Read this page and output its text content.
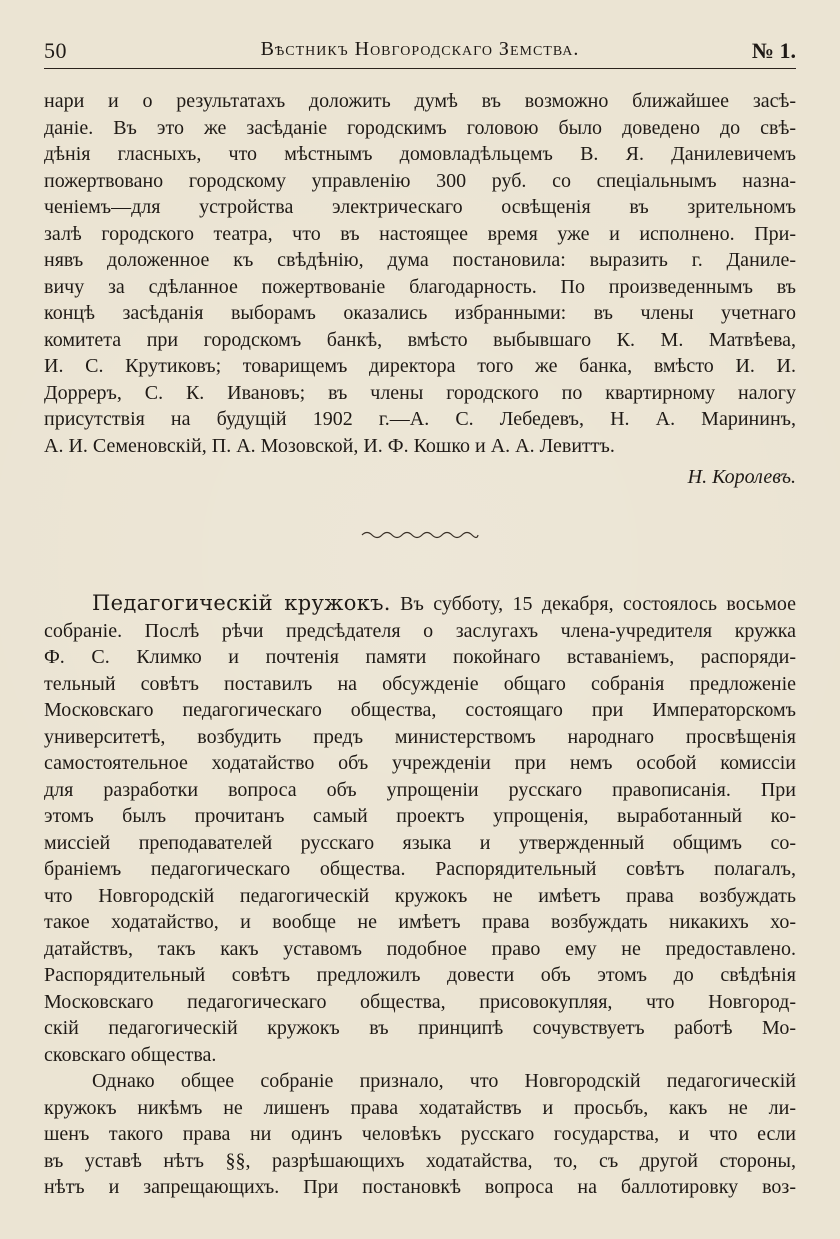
50	Вѣстникъ Новгородскаго Земства.	№ 1.
нари и о результатахъ доложить думѣ въ возможно ближайшее засѣ-
даніе. Въ это же засѣданіе городскимъ головою было доведено до свѣ-
дѣнія гласныхъ, что мѣстнымъ домовладѣльцемъ В. Я. Данилевичемъ
пожертвовано городскому управленію 300 руб. со спеціальнымъ назна-
ченіемъ—для устройства электрическаго освѣщенія въ зрительномъ
залѣ городского театра, что въ настоящее время уже и исполнено. При-
нявъ доложенное къ свѣдѣнію, дума постановила: выразить г. Даниле-
вичу за сдѣланное пожертвованіе благодарность. По произведеннымъ въ
концѣ засѣданія выборамъ оказались избранными: въ члены учетнаго
комитета при городскомъ банкѣ, вмѣсто выбывшаго К. М. Матвѣева,
И. С. Крутиковъ; товарищемъ директора того же банка, вмѣсто И. И.
Доррeръ, С. К. Ивановъ; въ члены городского по квартирному налогу
присутствія на будущій 1902 г.—А. С. Лебедевъ, Н. А. Марининъ,
А. И. Семеновскій, П. А. Мозовской, И. Ф. Кошко и А. А. Левиттъ.
Н. Королевъ.
Педагогическій кружокъ. Въ субботу, 15 декабря, состоялось восьмое
собраніе. Послѣ рѣчи предсѣдателя о заслугахъ члена-учредителя кружка
Ф. С. Климко и почтенія памяти покойнаго вставаніемъ, распоряди-
тельный совѣтъ поставилъ на обсужденіе общаго собранія предложеніе
Московскаго педагогическаго общества, состоящаго при Императорскомъ
университетѣ, возбудить предъ министерствомъ народнаго просвѣщенія
самостоятельное ходатайство объ учрежденіи при немъ особой комиссіи
для разработки вопроса объ упрощеніи русскаго правописанія. При
этомъ былъ прочитанъ самый проектъ упрощенія, выработанный ко-
миссіей преподавателей русскаго языка и утвержденный общимъ со-
браніемъ педагогическаго общества. Распорядительный совѣтъ полагалъ,
что Новгородскій педагогическій кружокъ не имѣетъ права возбуждать
такое ходатайство, и вообще не имѣетъ права возбуждать никакихъ хо-
датайствъ, такъ какъ уставомъ подобное право ему не предоставлено.
Распорядительный совѣтъ предложилъ довести объ этомъ до свѣдѣнія
Московскаго педагогическаго общества, присовокупляя, что Новгород-
скій педагогическій кружокъ въ принципѣ сочувствуетъ работѣ Мо-
сковскаго общества.
Однако общее собраніе признало, что Новгородскій педагогическій
кружокъ никѣмъ не лишенъ права ходатайствъ и просьбъ, какъ не ли-
шенъ такого права ни одинъ человѣкъ русскаго государства, и что если
въ уставѣ нѣтъ §§, разрѣшающихъ ходатайства, то, съ другой стороны,
нѣтъ и запрещающихъ. При постановкѣ вопроса на баллотировку воз-
